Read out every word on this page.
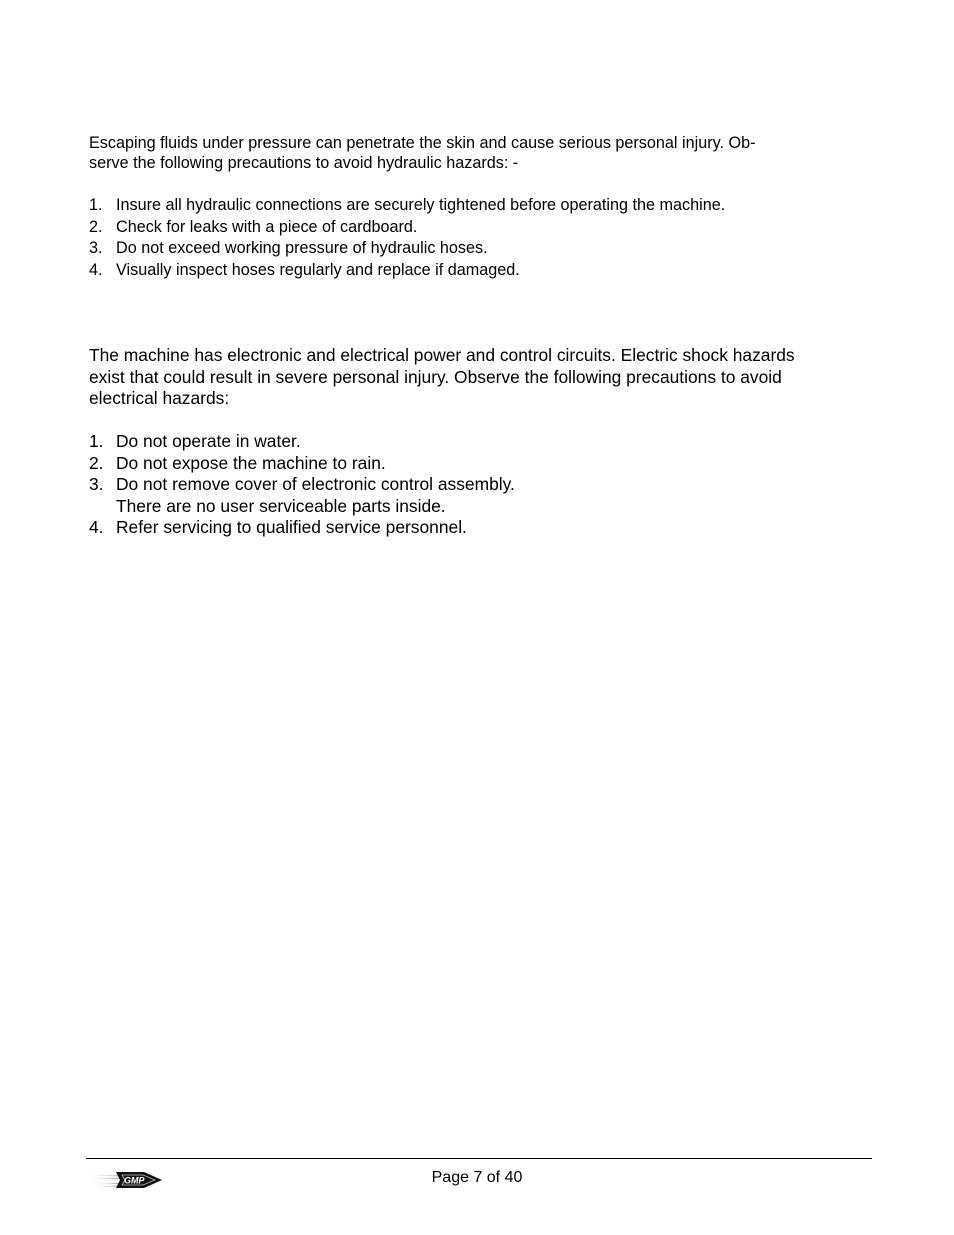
Escaping fluids under pressure can penetrate the skin and cause serious personal injury. Ob-
serve the following precautions to avoid hydraulic hazards: -

1. Insure all hydraulic connections are securely tightened before operating the machine.
2. Check for leaks with a piece of cardboard.
3. Do not exceed working pressure of hydraulic hoses.
4. Visually inspect hoses regularly and replace if damaged.

The machine has electronic and electrical power and control circuits. Electric shock hazards
exist that could result in severe personal injury. Observe the following precautions to avoid
electrical hazards:

1. Do not operate in water.
2. Do not expose the machine to rain.
3. Do not remove cover of electronic control assembly.
There are no user serviceable parts inside.
4. Refer servicing to qualified service personnel.
GMP	Page 7 of 40
